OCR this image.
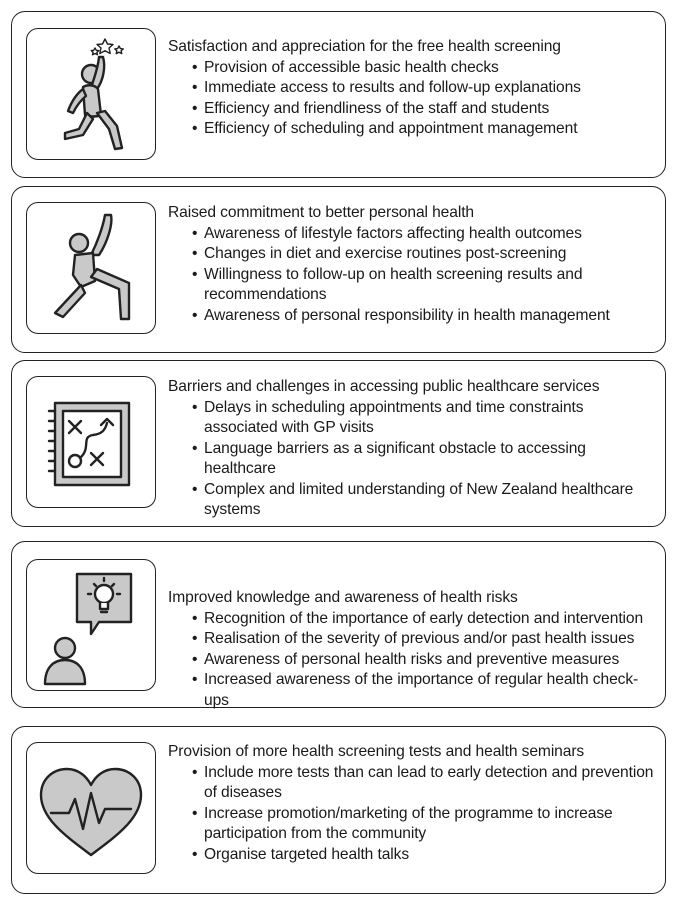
Satisfaction and appreciation for the free health screening
• Provision of accessible basic health checks
• Immediate access to results and follow-up explanations
• Efficiency and friendliness of the staff and students
• Efficiency of scheduling and appointment management
Raised commitment to better personal health
• Awareness of lifestyle factors affecting health outcomes
• Changes in diet and exercise routines post-screening
• Willingness to follow-up on health screening results and recommendations
• Awareness of personal responsibility in health management
Barriers and challenges in accessing public healthcare services
• Delays in scheduling appointments and time constraints associated with GP visits
• Language barriers as a significant obstacle to accessing healthcare
• Complex and limited understanding of New Zealand healthcare systems
Improved knowledge and awareness of health risks
• Recognition of the importance of early detection and intervention
• Realisation of the severity of previous and/or past health issues
• Awareness of personal health risks and preventive measures
• Increased awareness of the importance of regular health check-ups
Provision of more health screening tests and health seminars
• Include more tests than can lead to early detection and prevention of diseases
• Increase promotion/marketing of the programme to increase participation from the community
• Organise targeted health talks
